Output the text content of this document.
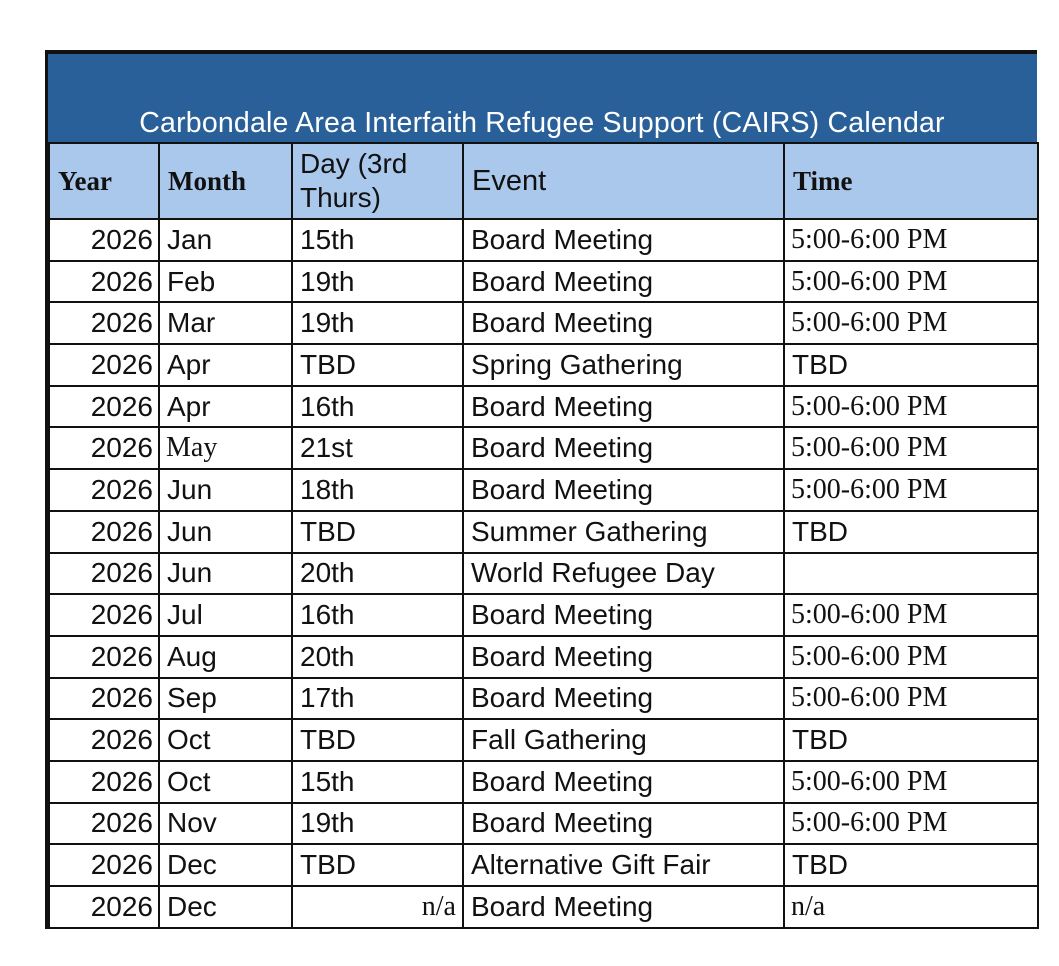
Carbondale Area Interfaith Refugee Support (CAIRS) Calendar
Year	Month	Day (3rd Thurs)	Event	Time
2026	Jan	15th	Board Meeting	5:00-6:00 PM
2026	Feb	19th	Board Meeting	5:00-6:00 PM
2026	Mar	19th	Board Meeting	5:00-6:00 PM
2026	Apr	TBD	Spring Gathering	TBD
2026	Apr	16th	Board Meeting	5:00-6:00 PM
2026	May	21st	Board Meeting	5:00-6:00 PM
2026	Jun	18th	Board Meeting	5:00-6:00 PM
2026	Jun	TBD	Summer Gathering	TBD
2026	Jun	20th	World Refugee Day	
2026	Jul	16th	Board Meeting	5:00-6:00 PM
2026	Aug	20th	Board Meeting	5:00-6:00 PM
2026	Sep	17th	Board Meeting	5:00-6:00 PM
2026	Oct	TBD	Fall Gathering	TBD
2026	Oct	15th	Board Meeting	5:00-6:00 PM
2026	Nov	19th	Board Meeting	5:00-6:00 PM
2026	Dec	TBD	Alternative Gift Fair	TBD
2026	Dec	n/a	Board Meeting	n/a
